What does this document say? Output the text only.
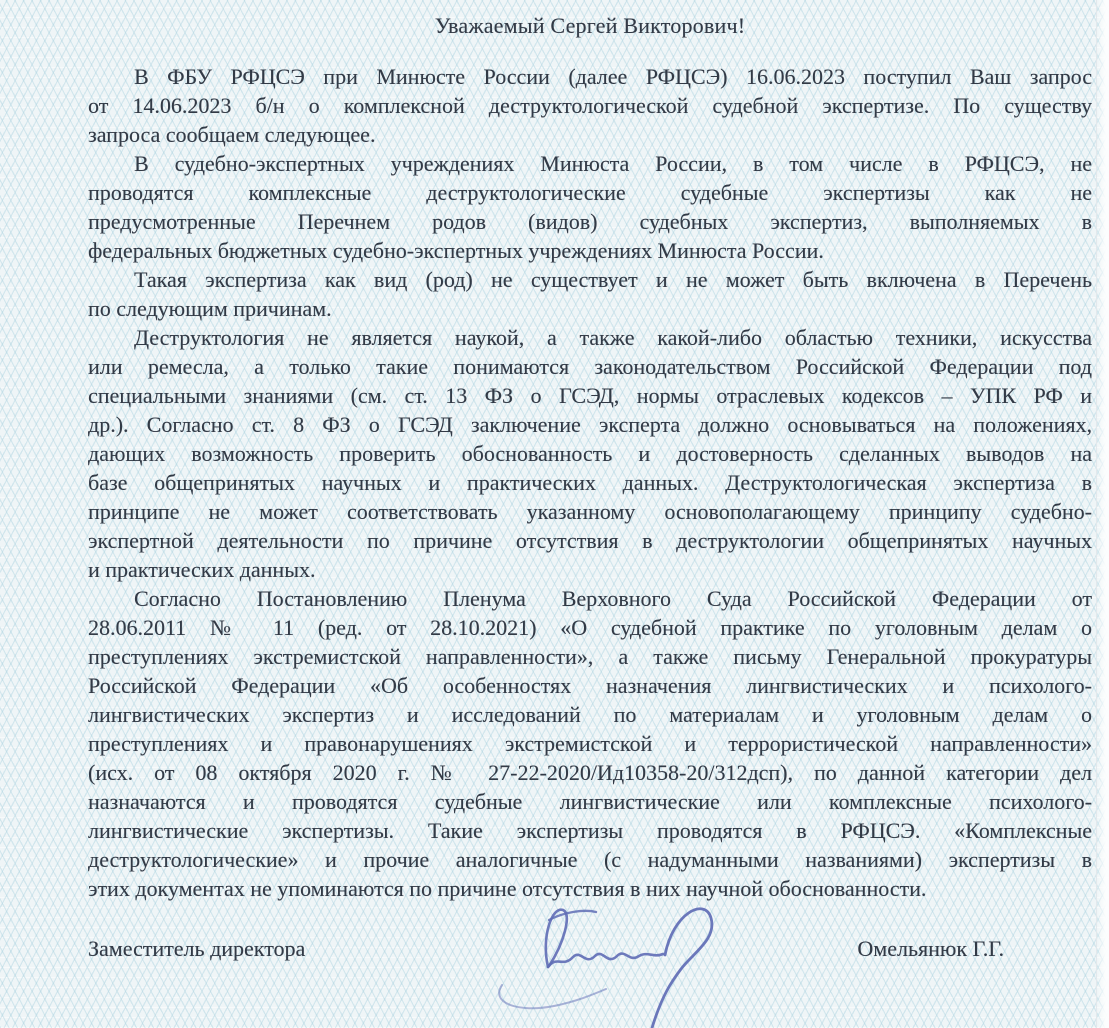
Уважаемый Сергей Викторович!
В ФБУ РФЦСЭ при Минюсте России (далее РФЦСЭ) 16.06.2023 поступил Ваш запрос
от 14.06.2023 б/н о комплексной деструктологической судебной экспертизе. По существу
запроса сообщаем следующее.
В судебно-экспертных учреждениях Минюста России, в том числе в РФЦСЭ, не
проводятся комплексные деструктологические судебные экспертизы как не
предусмотренные Перечнем родов (видов) судебных экспертиз, выполняемых в
федеральных бюджетных судебно-экспертных учреждениях Минюста России.
Такая экспертиза как вид (род) не существует и не может быть включена в Перечень
по следующим причинам.
Деструктология не является наукой, а также какой-либо областью техники, искусства
или ремесла, а только такие понимаются законодательством Российской Федерации под
специальными знаниями (см. ст. 13 ФЗ о ГСЭД, нормы отраслевых кодексов – УПК РФ и
др.). Согласно ст. 8 ФЗ о ГСЭД заключение эксперта должно основываться на положениях,
дающих возможность проверить обоснованность и достоверность сделанных выводов на
базе общепринятых научных и практических данных. Деструктологическая экспертиза в
принципе не может соответствовать указанному основополагающему принципу судебно-
экспертной деятельности по причине отсутствия в деструктологии общепринятых научных
и практических данных.
Согласно Постановлению Пленума Верховного Суда Российской Федерации от
28.06.2011 № 11 (ред. от 28.10.2021) «О судебной практике по уголовным делам о
преступлениях экстремистской направленности», а также письму Генеральной прокуратуры
Российской Федерации «Об особенностях назначения лингвистических и психолого-
лингвистических экспертиз и исследований по материалам и уголовным делам о
преступлениях и правонарушениях экстремистской и террористической направленности»
(исх. от 08 октября 2020 г. № 27-22-2020/Ид10358-20/312дсп), по данной категории дел
назначаются и проводятся судебные лингвистические или комплексные психолого-
лингвистические экспертизы. Такие экспертизы проводятся в РФЦСЭ. «Комплексные
деструктологические» и прочие аналогичные (с надуманными названиями) экспертизы в
этих документах не упоминаются по причине отсутствия в них научной обоснованности.
Заместитель директора	Омельянюк Г.Г.
